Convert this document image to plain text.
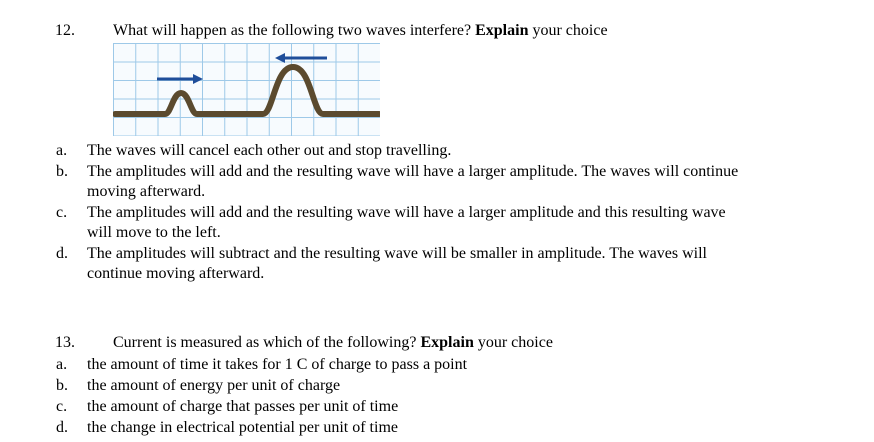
12. What will happen as the following two waves interfere? Explain your choice
a. The waves will cancel each other out and stop travelling.
b. The amplitudes will add and the resulting wave will have a larger amplitude. The waves will continue moving afterward.
c. The amplitudes will add and the resulting wave will have a larger amplitude and this resulting wave will move to the left.
d. The amplitudes will subtract and the resulting wave will be smaller in amplitude. The waves will continue moving afterward.
13. Current is measured as which of the following? Explain your choice
a. the amount of time it takes for 1 C of charge to pass a point
b. the amount of energy per unit of charge
c. the amount of charge that passes per unit of time
d. the change in electrical potential per unit of time
